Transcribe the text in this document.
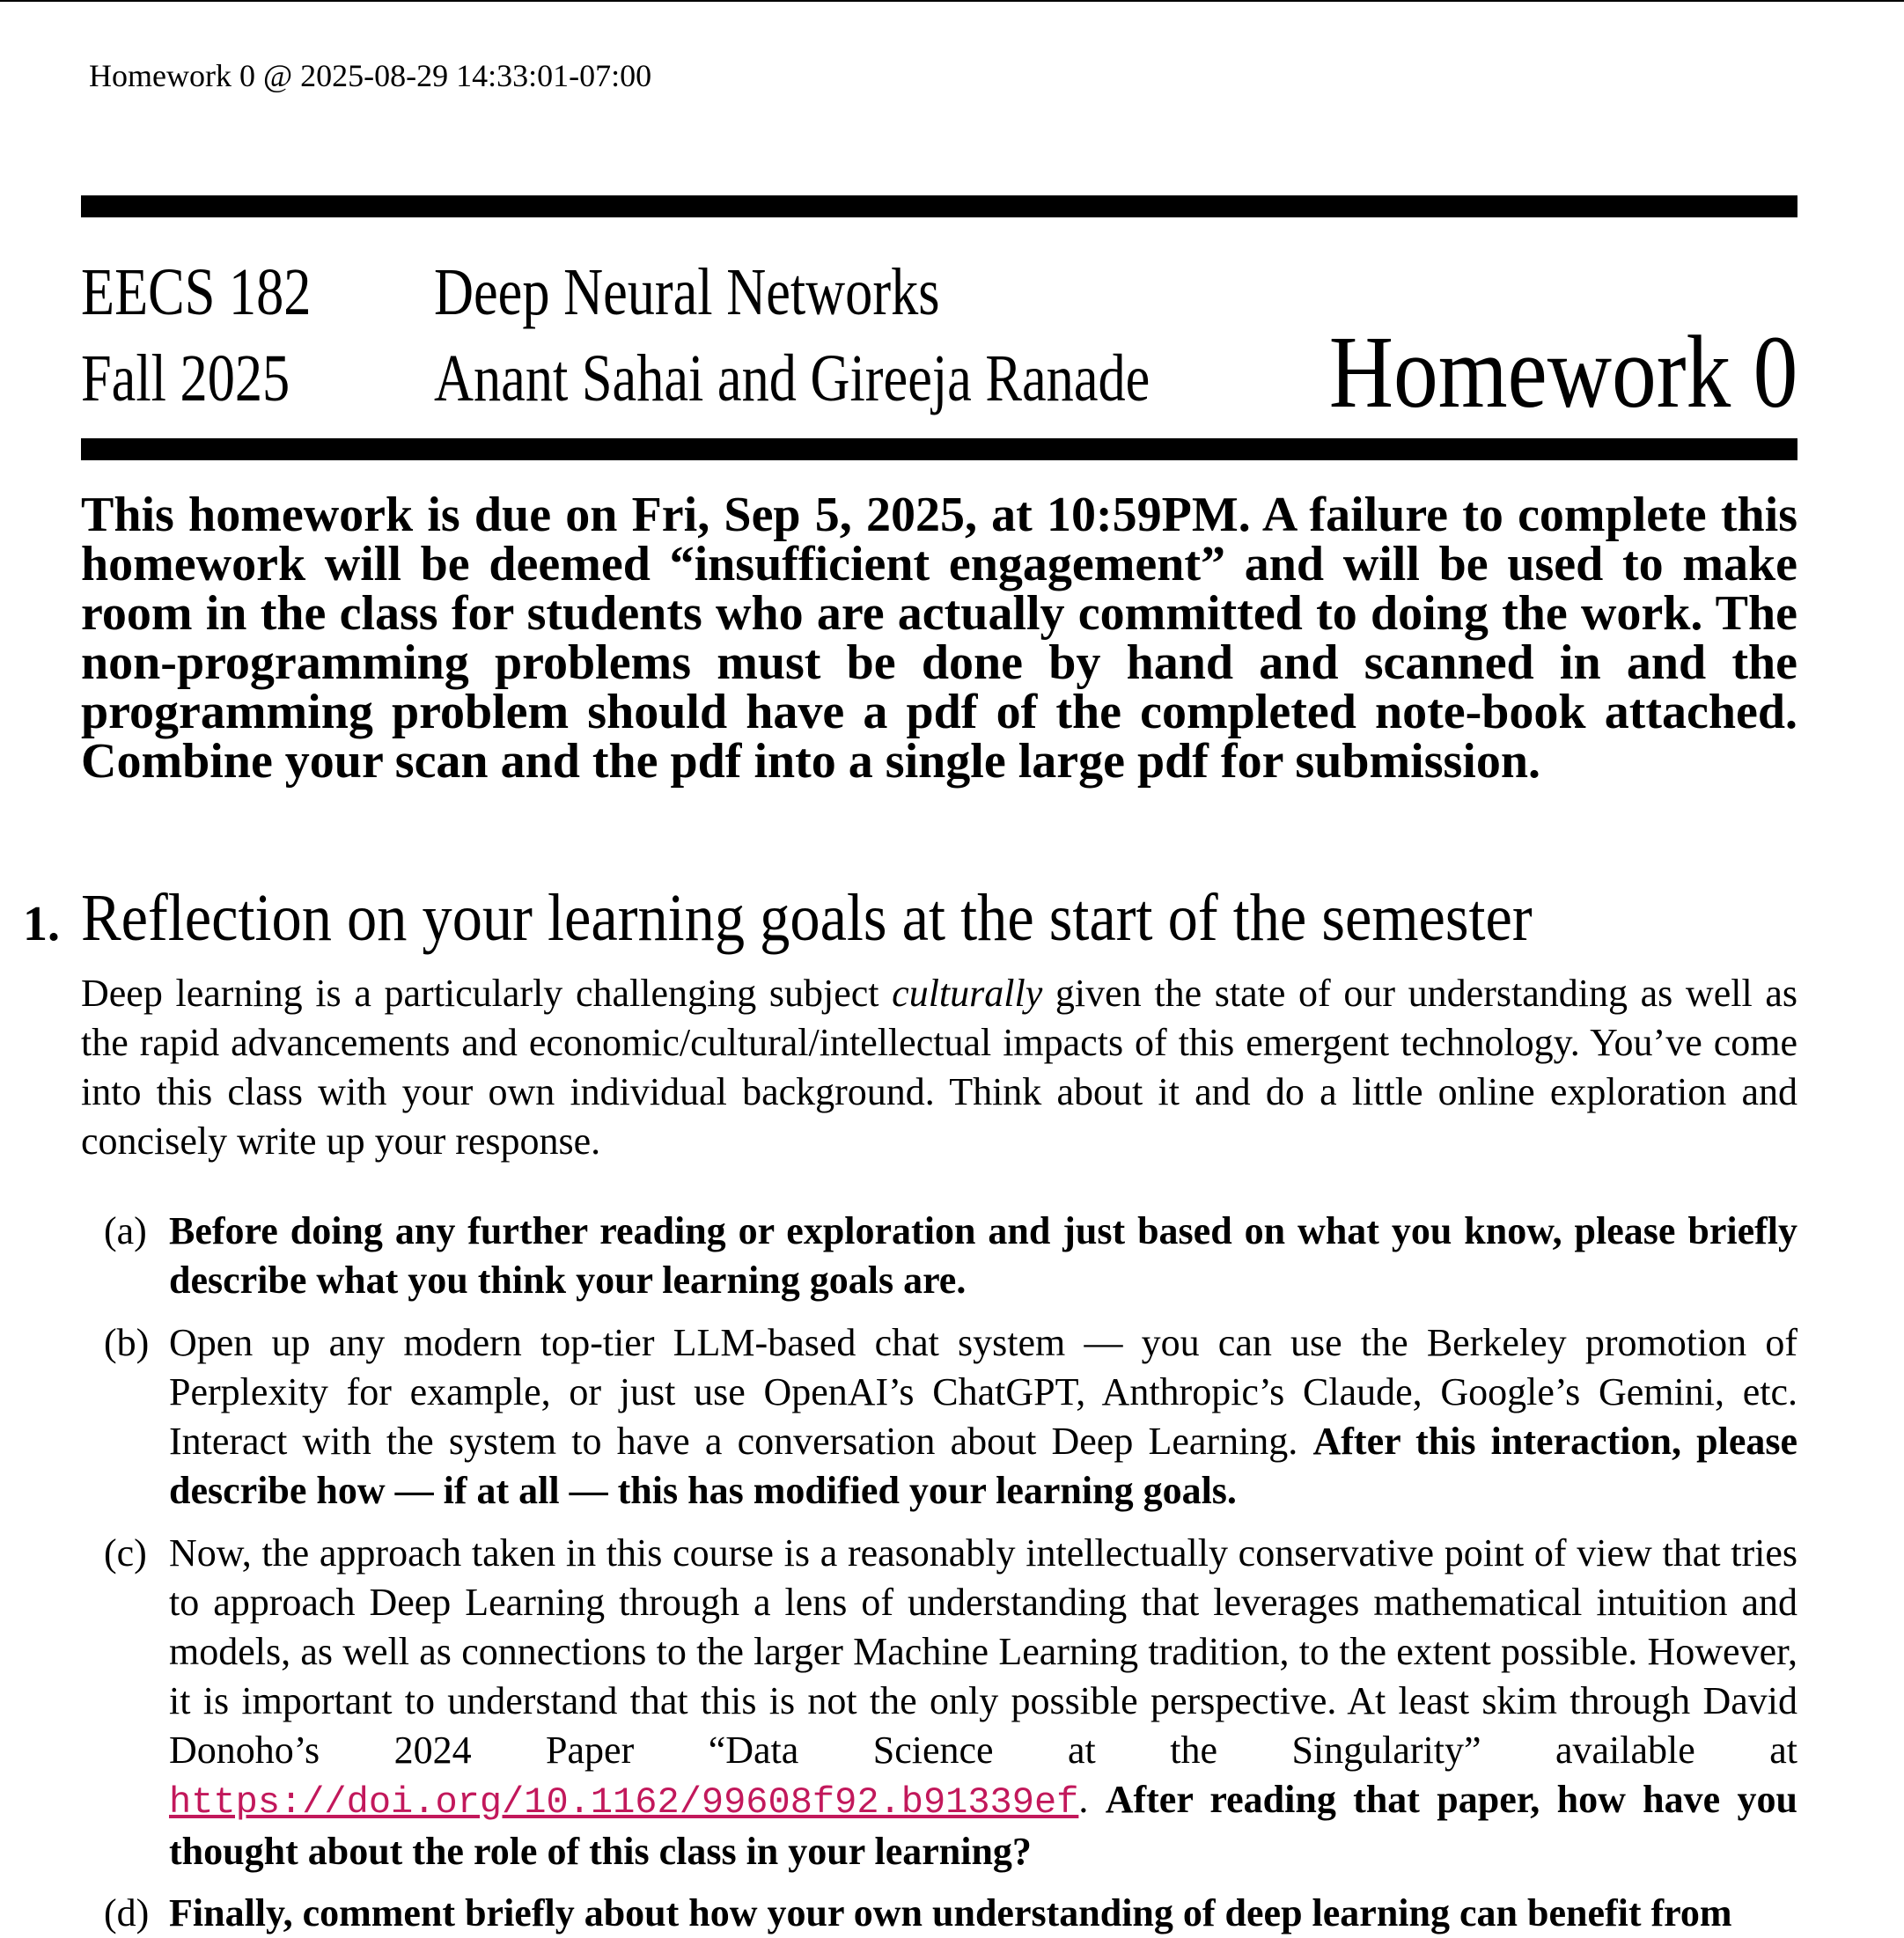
Homework 0 @ 2025-08-29 14:33:01-07:00
EECS 182
Fall 2025
Deep Neural Networks
Anant Sahai and Gireeja Ranade Homework 0
This homework is due on Fri, Sep 5, 2025, at 10:59PM. A failure to complete this homework will be deemed “insufficient engagement” and will be used to make room in the class for students who are actually committed to doing the work. The non-programming problems must be done by hand and scanned in and the programming problem should have a pdf of the completed note-book attached. Combine your scan and the pdf into a single large pdf for submission.
1. Reflection on your learning goals at the start of the semester
Deep learning is a particularly challenging subject culturally given the state of our understanding as well as the rapid advancements and economic/cultural/intellectual impacts of this emergent technology. You’ve come into this class with your own individual background. Think about it and do a little online exploration and concisely write up your response.
(a) Before doing any further reading or exploration and just based on what you know, please briefly describe what you think your learning goals are.
(b) Open up any modern top-tier LLM-based chat system — you can use the Berkeley promotion of Perplexity for example, or just use OpenAI’s ChatGPT, Anthropic’s Claude, Google’s Gemini, etc. Interact with the system to have a conversation about Deep Learning. After this interaction, please describe how — if at all — this has modified your learning goals.
(c) Now, the approach taken in this course is a reasonably intellectually conservative point of view that tries to approach Deep Learning through a lens of understanding that leverages mathematical intuition and models, as well as connections to the larger Machine Learning tradition, to the extent possible. However, it is important to understand that this is not the only possible perspective. At least skim through David Donoho’s 2024 Paper “Data Science at the Singularity” available at https://doi.org/10.1162/99608f92.b91339ef. After reading that paper, how have you thought about the role of this class in your learning?
(d) Finally, comment briefly about how your own understanding of deep learning can benefit from
